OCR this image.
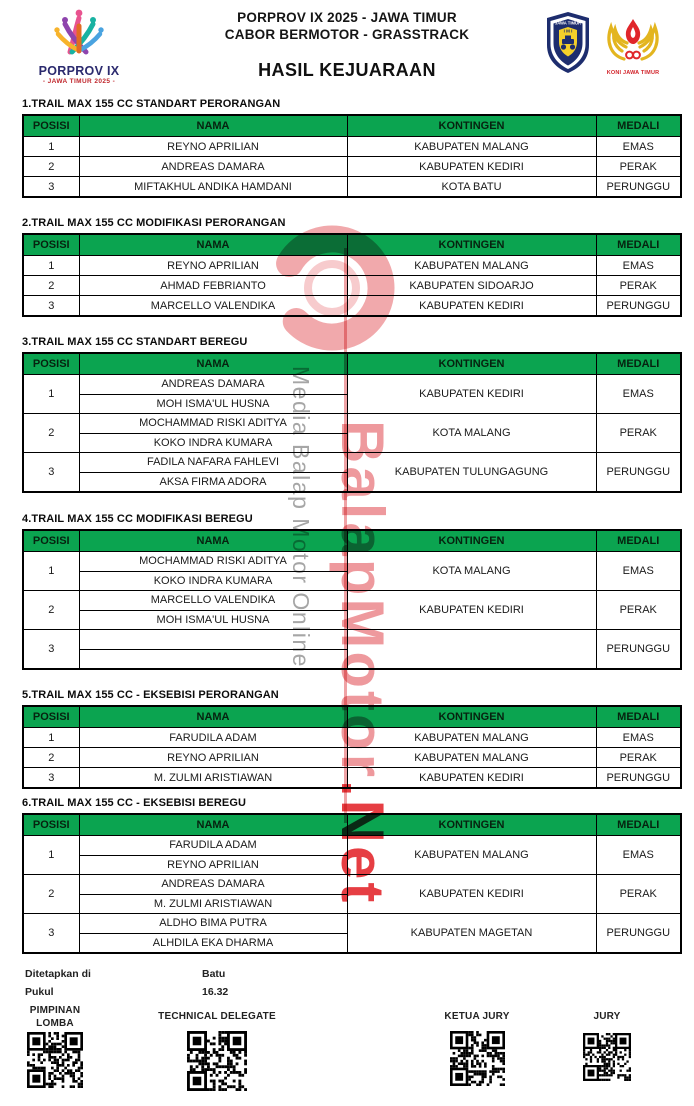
PORPROV IX
- JAWA TIMUR 2025 -
PORPROV IX 2025 - JAWA TIMUR
CABOR BERMOTOR - GRASSTRACK
HASIL KEJUARAAN
JAWA TIMUR
I M I
KONI JAWA TIMUR
1.TRAIL MAX 155 CC STANDART PERORANGAN
POSISI	NAMA	KONTINGEN	MEDALI
1	REYNO APRILIAN	KABUPATEN MALANG	EMAS
2	ANDREAS DAMARA	KABUPATEN KEDIRI	PERAK
3	MIFTAKHUL ANDIKA HAMDANI	KOTA BATU	PERUNGGU
2.TRAIL MAX 155 CC MODIFIKASI PERORANGAN
POSISI	NAMA	KONTINGEN	MEDALI
1	REYNO APRILIAN	KABUPATEN MALANG	EMAS
2	AHMAD FEBRIANTO	KABUPATEN SIDOARJO	PERAK
3	MARCELLO VALENDIKA	KABUPATEN KEDIRI	PERUNGGU
3.TRAIL MAX 155 CC STANDART BEREGU
POSISI	NAMA	KONTINGEN	MEDALI
1	ANDREAS DAMARA	KABUPATEN KEDIRI	EMAS
	MOH ISMA'UL HUSNA		
2	MOCHAMMAD RISKI ADITYA	KOTA MALANG	PERAK
	KOKO INDRA KUMARA		
3	FADILA NAFARA FAHLEVI	KABUPATEN TULUNGAGUNG	PERUNGGU
	AKSA FIRMA ADORA		
4.TRAIL MAX 155 CC MODIFIKASI BEREGU
POSISI	NAMA	KONTINGEN	MEDALI
1	MOCHAMMAD RISKI ADITYA	KOTA MALANG	EMAS
	KOKO INDRA KUMARA		
2	MARCELLO VALENDIKA	KABUPATEN KEDIRI	PERAK
	MOH ISMA'UL HUSNA		
3			PERUNGGU

5.TRAIL MAX 155 CC - EKSEBISI PERORANGAN
POSISI	NAMA	KONTINGEN	MEDALI
1	FARUDILA ADAM	KABUPATEN MALANG	EMAS
2	REYNO APRILIAN	KABUPATEN MALANG	PERAK
3	M. ZULMI ARISTIAWAN	KABUPATEN KEDIRI	PERUNGGU
6.TRAIL MAX 155 CC - EKSEBISI BEREGU
POSISI	NAMA	KONTINGEN	MEDALI
1	FARUDILA ADAM	KABUPATEN MALANG	EMAS
	REYNO APRILIAN		
2	ANDREAS DAMARA	KABUPATEN KEDIRI	PERAK
	M. ZULMI ARISTIAWAN		
3	ALDHO BIMA PUTRA	KABUPATEN MAGETAN	PERUNGGU
	ALHDILA EKA DHARMA		
Ditetapkan di	Batu
Pukul	16.32
PIMPINAN
LOMBA
TECHNICAL DELEGATE	KETUA JURY	JURY
Media Balap Motor Online BalapMotor.Net
